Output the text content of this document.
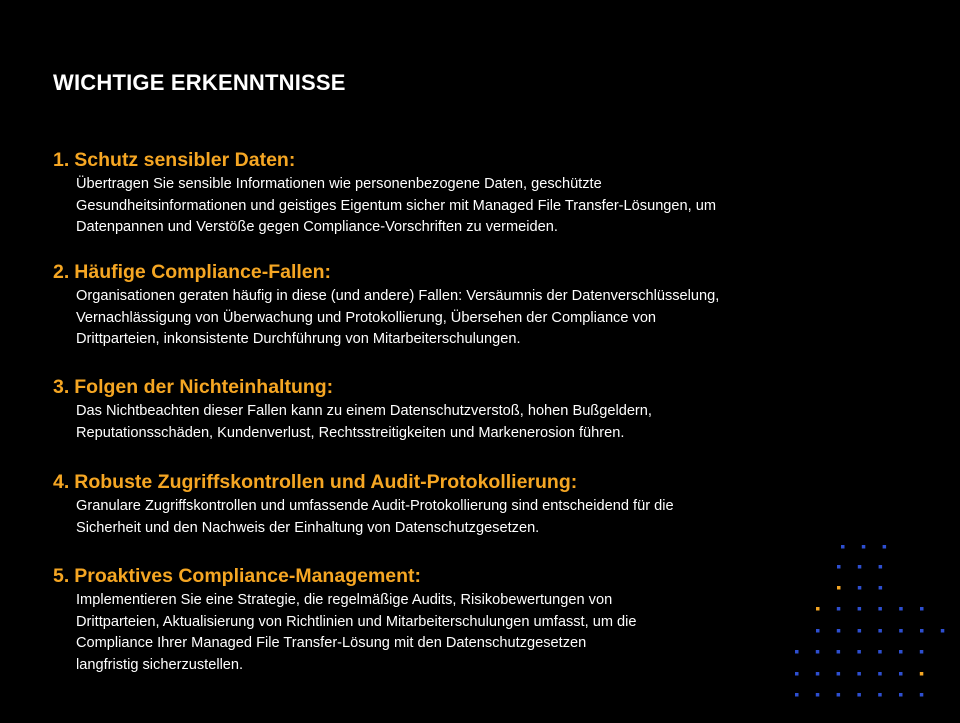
WICHTIGE ERKENNTNISSE
1. Schutz sensibler Daten:
Übertragen Sie sensible Informationen wie personenbezogene Daten, geschützte
Gesundheitsinformationen und geistiges Eigentum sicher mit Managed File Transfer-Lösungen, um
Datenpannen und Verstöße gegen Compliance-Vorschriften zu vermeiden.
2. Häufige Compliance-Fallen:
Organisationen geraten häufig in diese (und andere) Fallen: Versäumnis der Datenverschlüsselung,
Vernachlässigung von Überwachung und Protokollierung, Übersehen der Compliance von
Drittparteien, inkonsistente Durchführung von Mitarbeiterschulungen.
3. Folgen der Nichteinhaltung:
Das Nichtbeachten dieser Fallen kann zu einem Datenschutzverstoß, hohen Bußgeldern,
Reputationsschäden, Kundenverlust, Rechtsstreitigkeiten und Markenerosion führen.
4. Robuste Zugriffskontrollen und Audit-Protokollierung:
Granulare Zugriffskontrollen und umfassende Audit-Protokollierung sind entscheidend für die
Sicherheit und den Nachweis der Einhaltung von Datenschutzgesetzen.
5. Proaktives Compliance-Management:
Implementieren Sie eine Strategie, die regelmäßige Audits, Risikobewertungen von
Drittparteien, Aktualisierung von Richtlinien und Mitarbeiterschulungen umfasst, um die
Compliance Ihrer Managed File Transfer-Lösung mit den Datenschutzgesetzen
langfristig sicherzustellen.
